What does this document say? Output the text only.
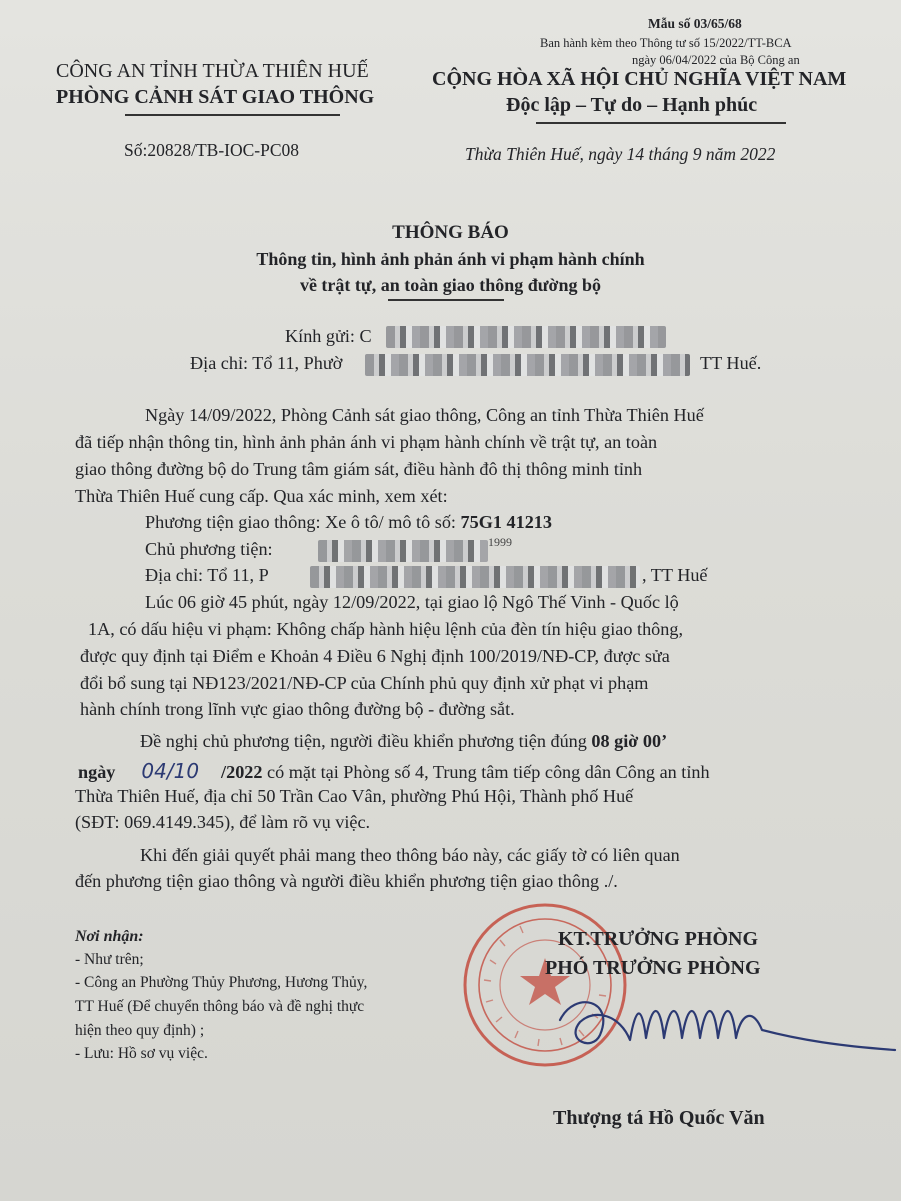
Mẫu số 03/65/68
Ban hành kèm theo Thông tư số 15/2022/TT-BCA
ngày 06/04/2022 của Bộ Công an
CÔNG AN TỈNH THỪA THIÊN HUẾ
PHÒNG CẢNH SÁT GIAO THÔNG
CỘNG HÒA XÃ HỘI CHỦ NGHĨA VIỆT NAM
Độc lập – Tự do – Hạnh phúc
Số:20828/TB-IOC-PC08	Thừa Thiên Huế, ngày 14 tháng 9 năm 2022
THÔNG BÁO
Thông tin, hình ảnh phản ánh vi phạm hành chính
về trật tự, an toàn giao thông đường bộ
Kính gửi: C
Địa chỉ: Tổ 11, Phườ	TT Huế.
Ngày 14/09/2022, Phòng Cảnh sát giao thông, Công an tỉnh Thừa Thiên Huế
đã tiếp nhận thông tin, hình ảnh phản ánh vi phạm hành chính về trật tự, an toàn
giao thông đường bộ do Trung tâm giám sát, điều hành đô thị thông minh tỉnh
Thừa Thiên Huế cung cấp. Qua xác minh, xem xét:
Phương tiện giao thông: Xe ô tô/ mô tô số: 75G1 41213
Chủ phương tiện:	1999
Địa chỉ: Tổ 11, P	, TT Huế
Lúc 06 giờ 45 phút, ngày 12/09/2022, tại giao lộ Ngô Thế Vinh - Quốc lộ
1A, có dấu hiệu vi phạm: Không chấp hành hiệu lệnh của đèn tín hiệu giao thông,
được quy định tại Điểm e Khoản 4 Điều 6 Nghị định 100/2019/NĐ-CP, được sửa
đổi bổ sung tại NĐ123/2021/NĐ-CP của Chính phủ quy định xử phạt vi phạm
hành chính trong lĩnh vực giao thông đường bộ - đường sắt.
Đề nghị chủ phương tiện, người điều khiển phương tiện đúng 08 giờ 00’
ngày 04/10 /2022 có mặt tại Phòng số 4, Trung tâm tiếp công dân Công an tỉnh
Thừa Thiên Huế, địa chỉ 50 Trần Cao Vân, phường Phú Hội, Thành phố Huế
(SĐT: 069.4149.345), để làm rõ vụ việc.
Khi đến giải quyết phải mang theo thông báo này, các giấy tờ có liên quan
đến phương tiện giao thông và người điều khiển phương tiện giao thông ./.
Nơi nhận:
- Như trên;
- Công an Phường Thủy Phương, Hương Thủy,
TT Huế (Để chuyển thông báo và đề nghị thực
hiện theo quy định) ;
- Lưu: Hồ sơ vụ việc.
KT.TRƯỞNG PHÒNG
PHÓ TRƯỞNG PHÒNG
Thượng tá Hồ Quốc Văn
